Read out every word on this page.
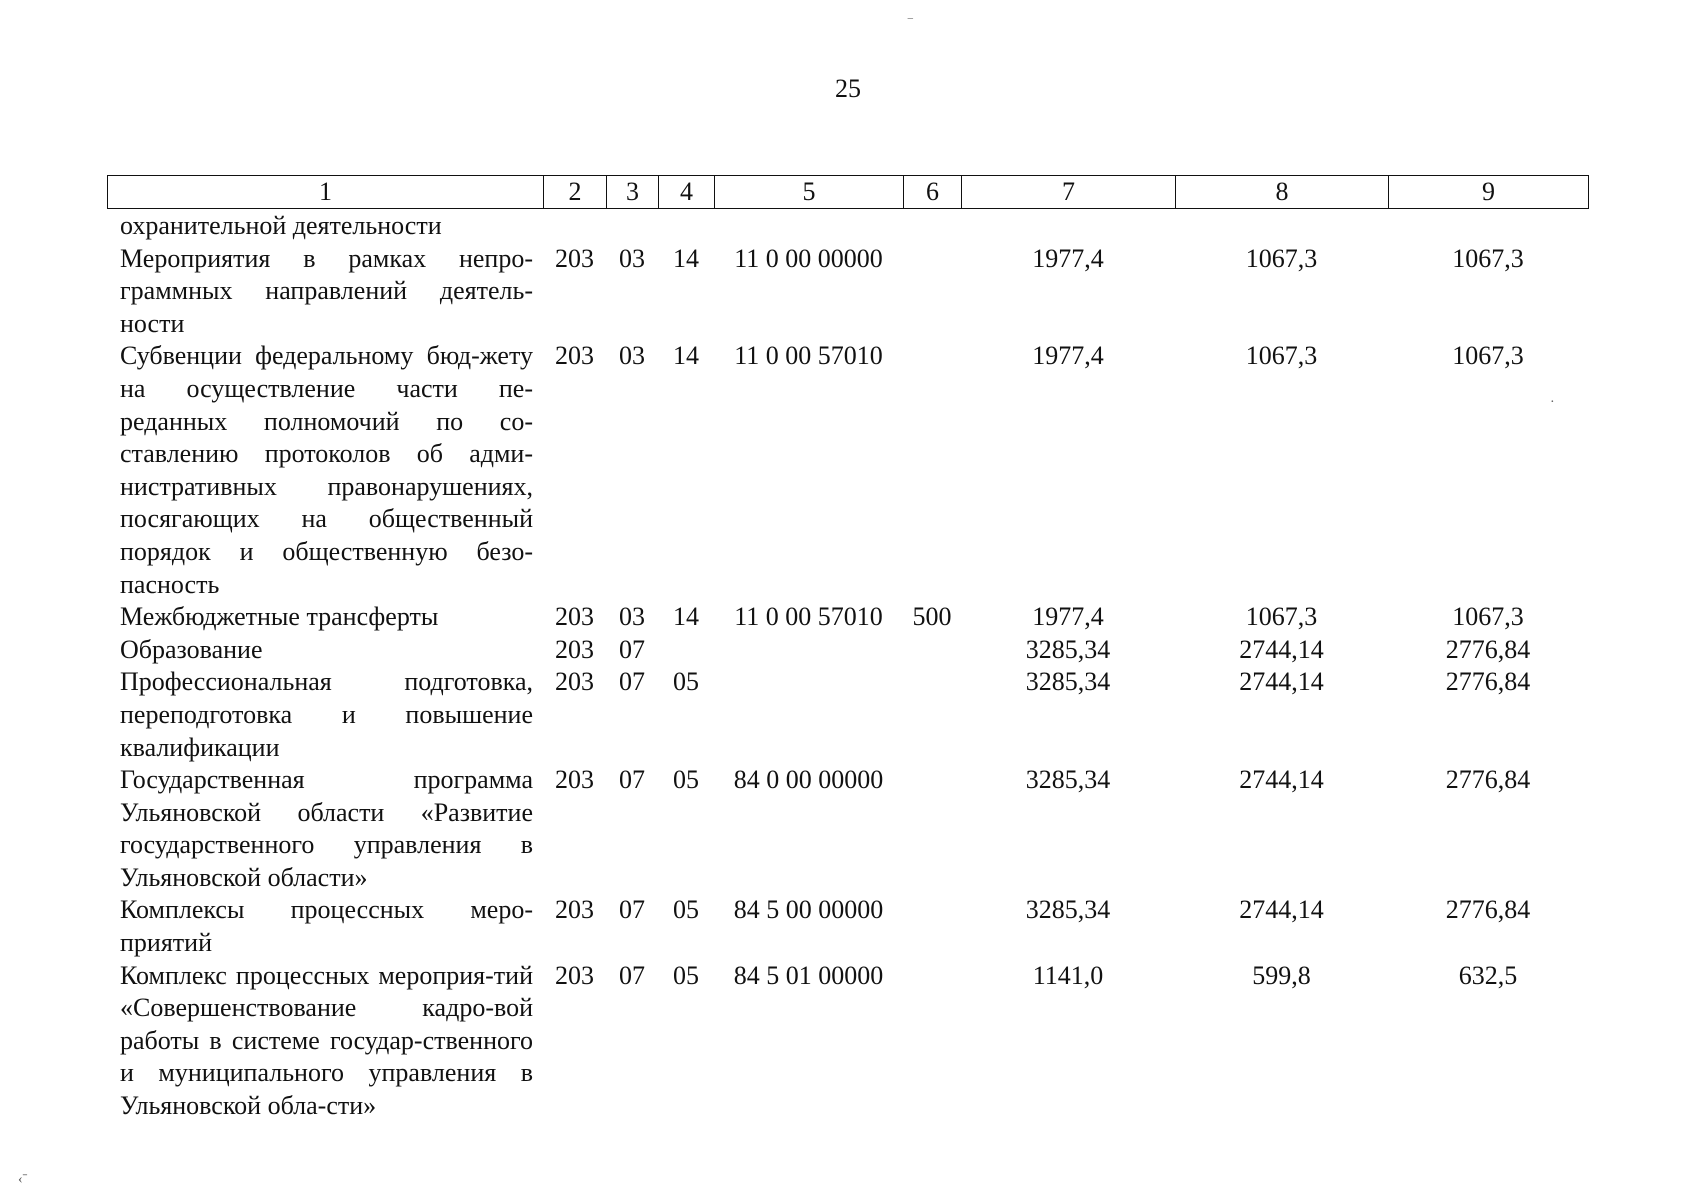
25
1	2	3	4	5	6	7	8	9
охранительной деятельности								
Мероприятия в рамках непро-граммных направлений деятель-ности	203	03	14	11 0 00 00000		1977,4	1067,3	1067,3
Субвенции федеральному бюд-жету на осуществление части пе-реданных полномочий по со-ставлению протоколов об адми-нистративных правонарушениях, посягающих на общественный порядок и общественную безо-пасность	203	03	14	11 0 00 57010		1977,4	1067,3	1067,3
Межбюджетные трансферты	203	03	14	11 0 00 57010	500	1977,4	1067,3	1067,3
Образование	203	07				3285,34	2744,14	2776,84
Профессиональная подготовка, переподготовка и повышение квалификации	203	07	05			3285,34	2744,14	2776,84
Государственная программа Ульяновской области «Развитие государственного управления в Ульяновской области»	203	07	05	84 0 00 00000		3285,34	2744,14	2776,84
Комплексы процессных меро-приятий	203	07	05	84 5 00 00000		3285,34	2744,14	2776,84
Комплекс процессных мероприя-тий «Совершенствование кадро-вой работы в системе государ-ственного и муниципального управления в Ульяновской обла-сти»	203	07	05	84 5 01 00000		1141,0	599,8	632,5
‾
·
‹ˉ
